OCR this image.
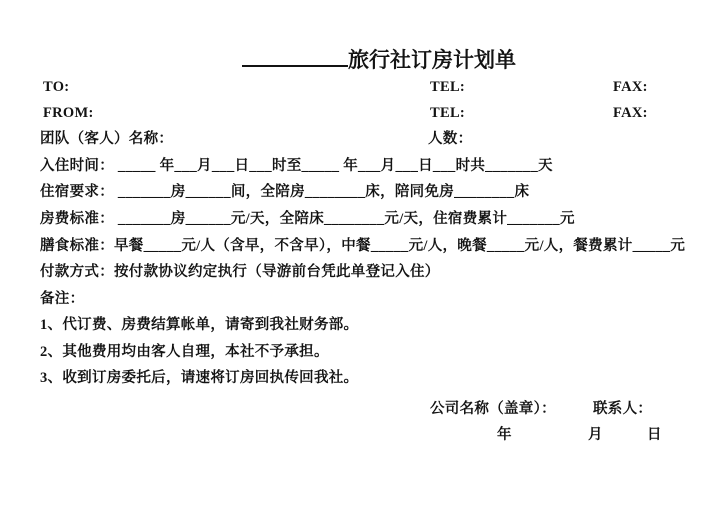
旅行社订房计划单
TO:	TEL:	FAX:
FROM:	TEL:	FAX:
团队（客人）名称：	人数：
入住时间： _____ 年___月___日___时至_____ 年___月___日___时共_______天
住宿要求： _______房______间，全陪房________床，陪同免房________床
房费标准： _______房______元/天，全陪床________元/天，住宿费累计_______元
膳食标准：早餐_____元/人（含早，不含早），中餐_____元/人，晚餐_____元/人，餐费累计_____元
付款方式：按付款协议约定执行（导游前台凭此单登记入住）
备注：
1、代订费、房费结算帐单，请寄到我社财务部。
2、其他费用均由客人自理，本社不予承担。
3、收到订房委托后，请速将订房回执传回我社。
公司名称（盖章）：	联系人：
年	月	日
